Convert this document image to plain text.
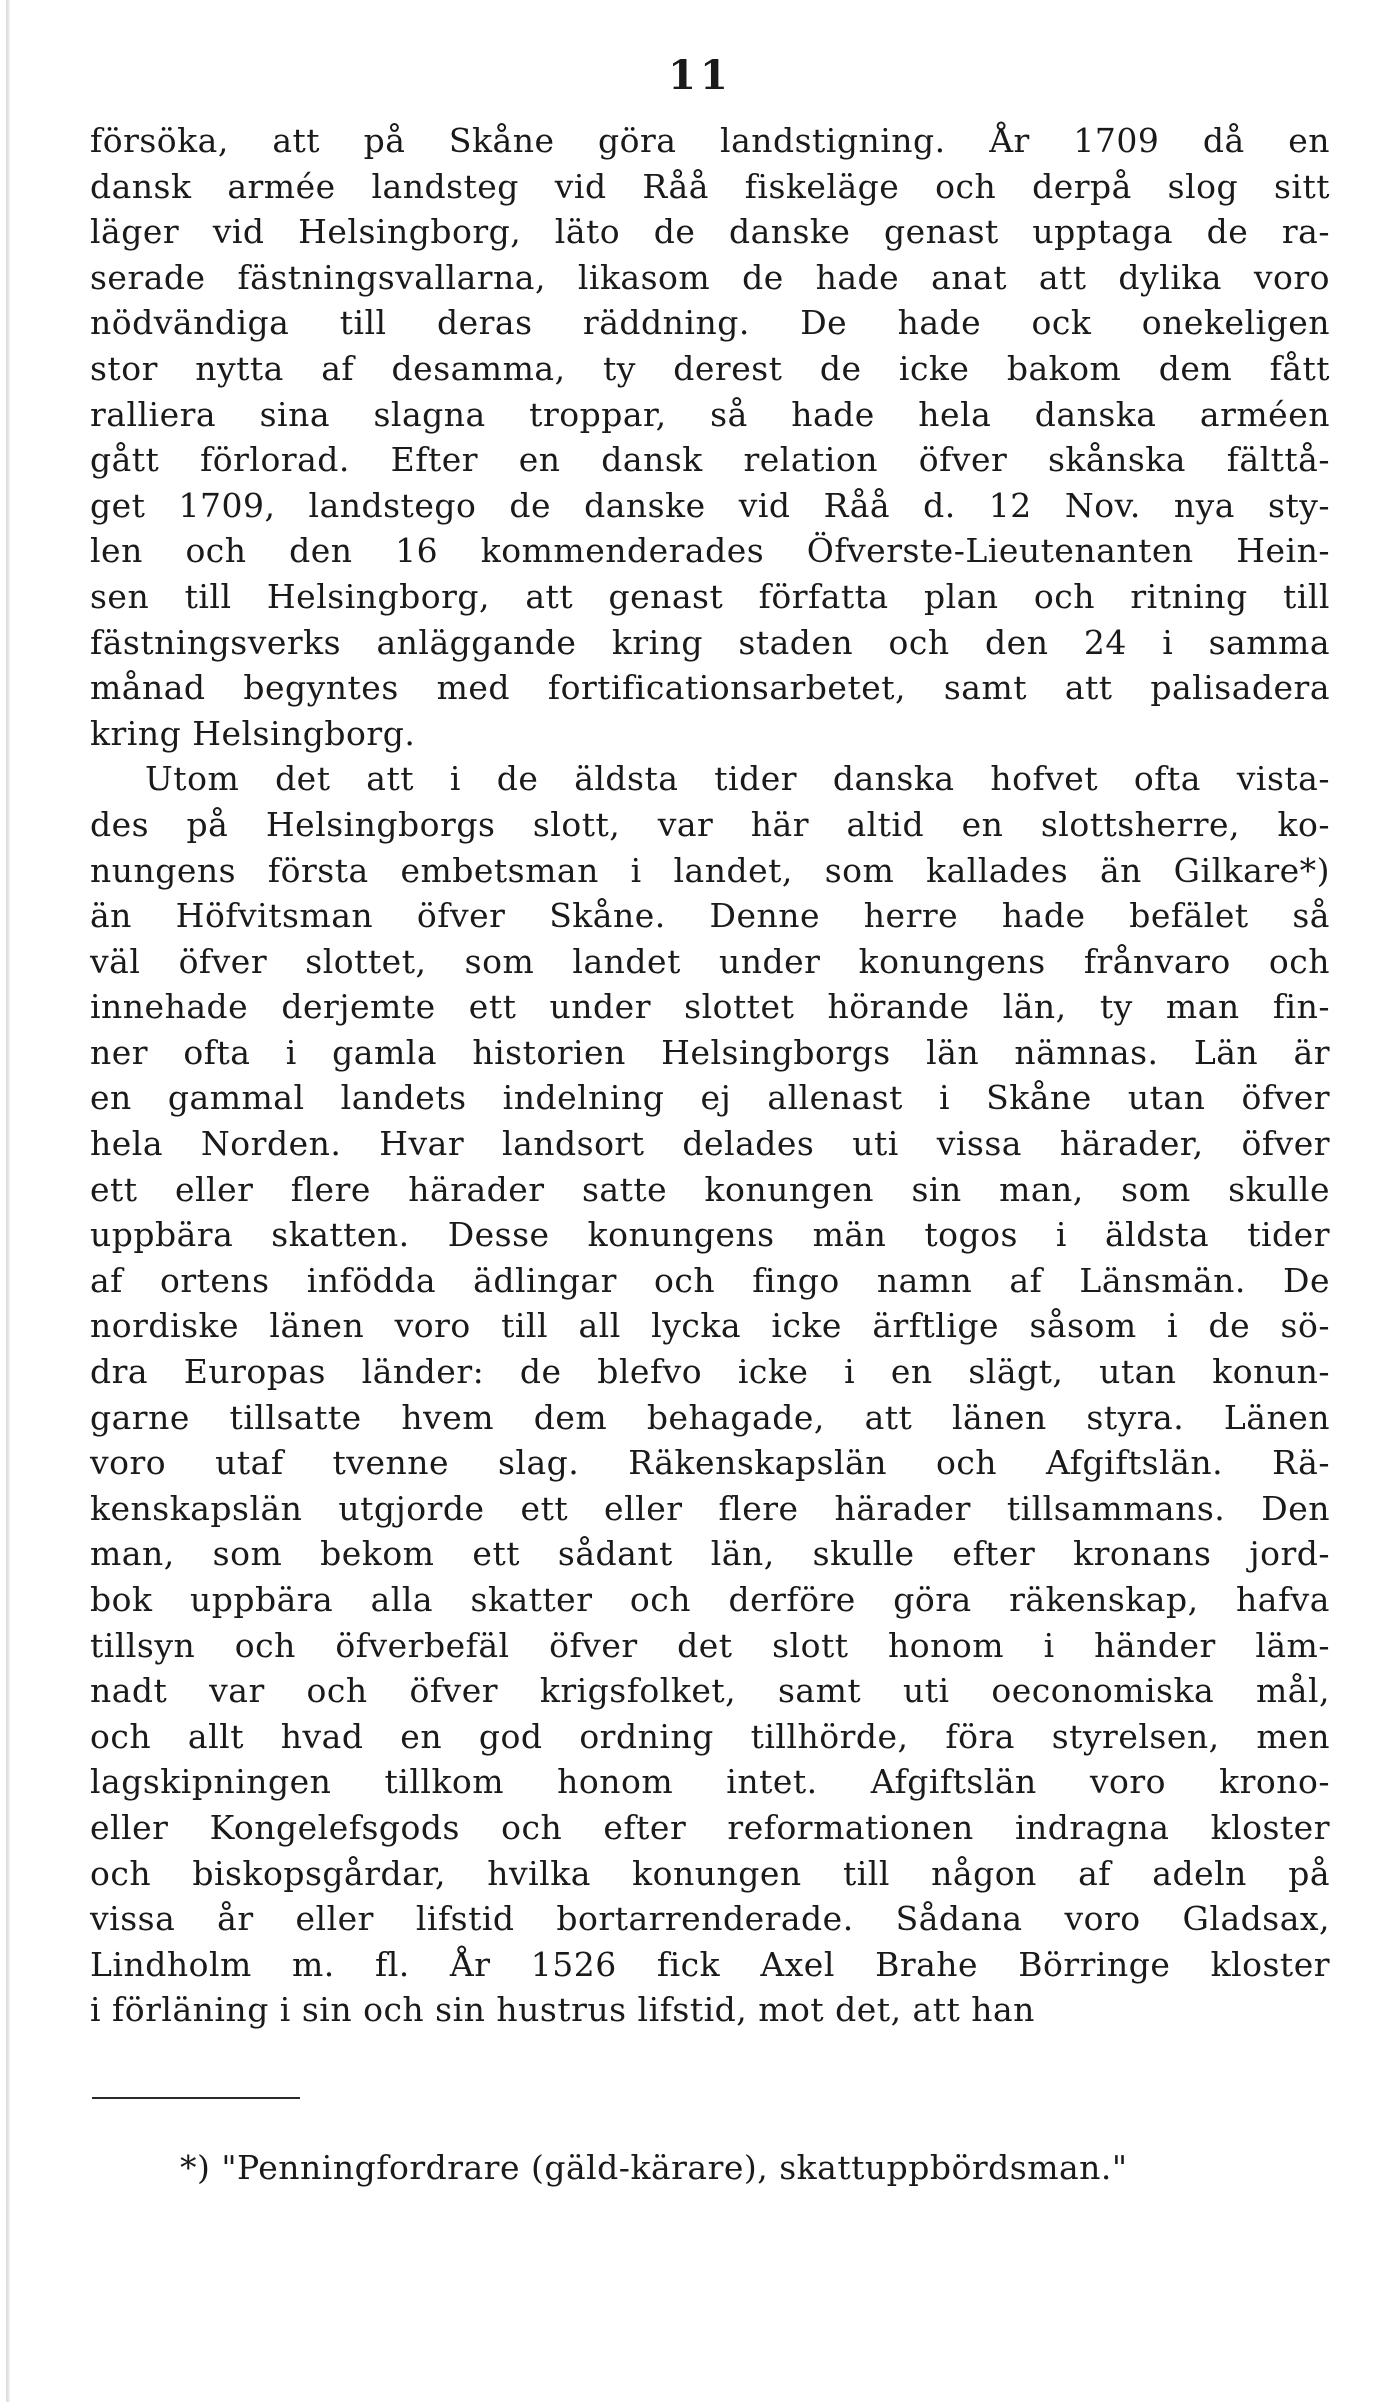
11
försöka, att på Skåne göra landstigning. År 1709 då en
dansk armée landsteg vid Råå fiskeläge och derpå slog sitt
läger vid Helsingborg, läto de danske genast upptaga de ra-
serade fästningsvallarna, likasom de hade anat att dylika voro
nödvändiga till deras räddning. De hade ock onekeligen
stor nytta af desamma, ty derest de icke bakom dem fått
ralliera sina slagna troppar, så hade hela danska arméen
gått förlorad. Efter en dansk relation öfver skånska fälttå-
get 1709, landstego de danske vid Råå d. 12 Nov. nya sty-
len och den 16 kommenderades Öfverste-Lieutenanten Hein-
sen till Helsingborg, att genast författa plan och ritning till
fästningsverks anläggande kring staden och den 24 i samma
månad begyntes med fortificationsarbetet, samt att palisadera
kring Helsingborg.
Utom det att i de äldsta tider danska hofvet ofta vista-
des på Helsingborgs slott, var här altid en slottsherre, ko-
nungens första embetsman i landet, som kallades än Gilkare*)
än Höfvitsman öfver Skåne. Denne herre hade befälet så
väl öfver slottet, som landet under konungens frånvaro och
innehade derjemte ett under slottet hörande län, ty man fin-
ner ofta i gamla historien Helsingborgs län nämnas. Län är
en gammal landets indelning ej allenast i Skåne utan öfver
hela Norden. Hvar landsort delades uti vissa härader, öfver
ett eller flere härader satte konungen sin man, som skulle
uppbära skatten. Desse konungens män togos i äldsta tider
af ortens infödda ädlingar och fingo namn af Länsmän. De
nordiske länen voro till all lycka icke ärftlige såsom i de sö-
dra Europas länder: de blefvo icke i en slägt, utan konun-
garne tillsatte hvem dem behagade, att länen styra. Länen
voro utaf tvenne slag. Räkenskapslän och Afgiftslän. Rä-
kenskapslän utgjorde ett eller flere härader tillsammans. Den
man, som bekom ett sådant län, skulle efter kronans jord-
bok uppbära alla skatter och derföre göra räkenskap, hafva
tillsyn och öfverbefäl öfver det slott honom i händer läm-
nadt var och öfver krigsfolket, samt uti oeconomiska mål,
och allt hvad en god ordning tillhörde, föra styrelsen, men
lagskipningen tillkom honom intet. Afgiftslän voro krono-
eller Kongelefsgods och efter reformationen indragna kloster
och biskopsgårdar, hvilka konungen till någon af adeln på
vissa år eller lifstid bortarrenderade. Sådana voro Gladsax,
Lindholm m. fl. År 1526 fick Axel Brahe Börringe kloster
i förläning i sin och sin hustrus lifstid, mot det, att han
*) "Penningfordrare (gäld-kärare), skattuppbördsman."
